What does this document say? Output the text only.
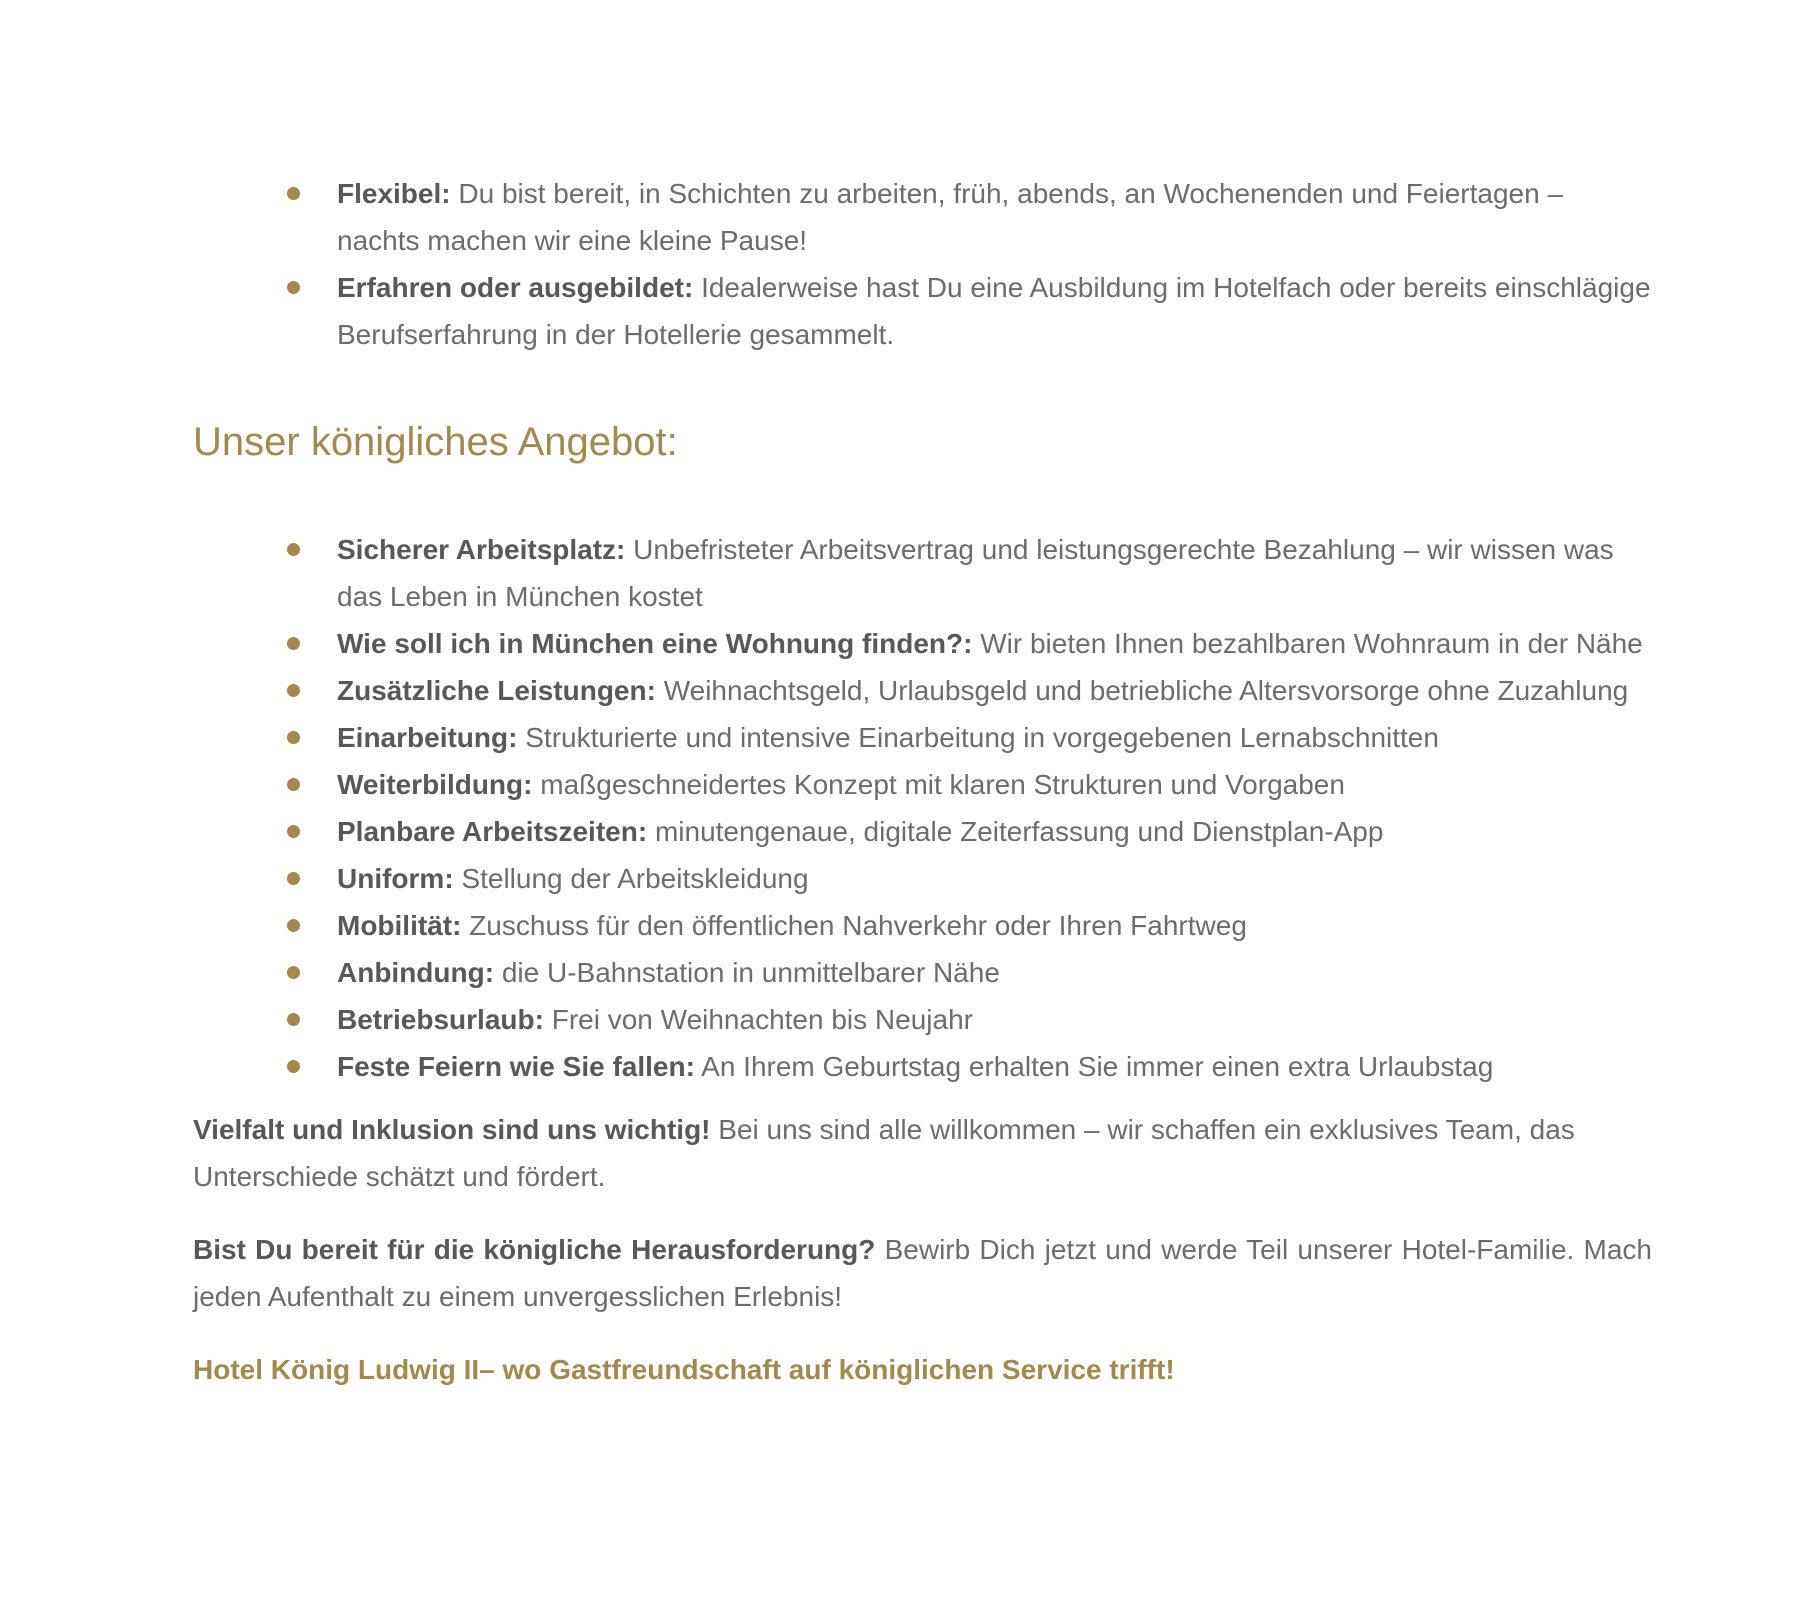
Flexibel: Du bist bereit, in Schichten zu arbeiten, früh, abends, an Wochenenden und Feiertagen – nachts machen wir eine kleine Pause!
Erfahren oder ausgebildet: Idealerweise hast Du eine Ausbildung im Hotelfach oder bereits einschlägige Berufserfahrung in der Hotellerie gesammelt.
Unser königliches Angebot:
Sicherer Arbeitsplatz: Unbefristeter Arbeitsvertrag und leistungsgerechte Bezahlung – wir wissen was das Leben in München kostet
Wie soll ich in München eine Wohnung finden?: Wir bieten Ihnen bezahlbaren Wohnraum in der Nähe
Zusätzliche Leistungen: Weihnachtsgeld, Urlaubsgeld und betriebliche Altersvorsorge ohne Zuzahlung
Einarbeitung: Strukturierte und intensive Einarbeitung in vorgegebenen Lernabschnitten
Weiterbildung: maßgeschneidertes Konzept mit klaren Strukturen und Vorgaben
Planbare Arbeitszeiten: minutengenaue, digitale Zeiterfassung und Dienstplan-App
Uniform: Stellung der Arbeitskleidung
Mobilität: Zuschuss für den öffentlichen Nahverkehr oder Ihren Fahrtweg
Anbindung: die U-Bahnstation in unmittelbarer Nähe
Betriebsurlaub: Frei von Weihnachten bis Neujahr
Feste Feiern wie Sie fallen: An Ihrem Geburtstag erhalten Sie immer einen extra Urlaubstag

Vielfalt und Inklusion sind uns wichtig! Bei uns sind alle willkommen – wir schaffen ein exklusives Team, das Unterschiede schätzt und fördert.

Bist Du bereit für die königliche Herausforderung? Bewirb Dich jetzt und werde Teil unserer Hotel-Familie. Mach jeden Aufenthalt zu einem unvergesslichen Erlebnis!

Hotel König Ludwig II– wo Gastfreundschaft auf königlichen Service trifft!
